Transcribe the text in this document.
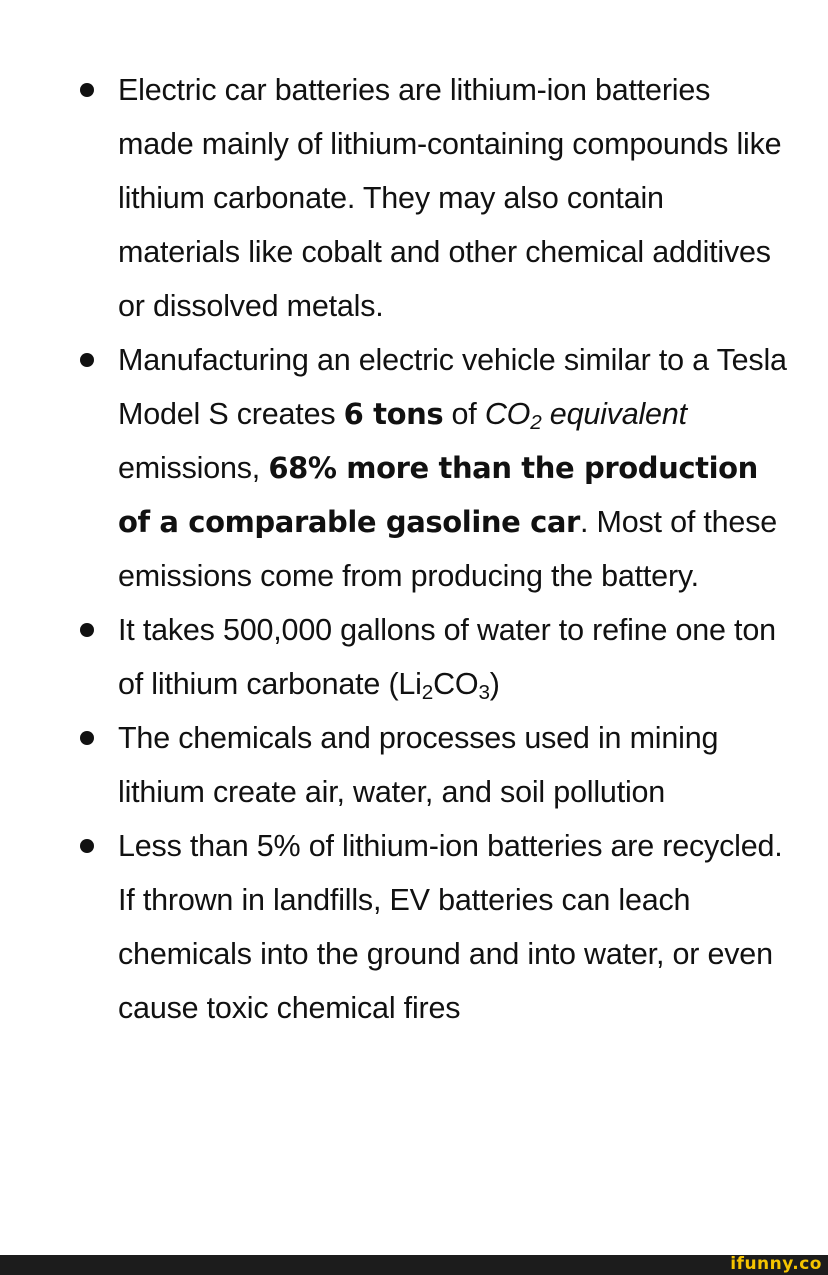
Electric car batteries are lithium-ion batteries made mainly of lithium-containing compounds like lithium carbonate. They may also contain materials like cobalt and other chemical additives or dissolved metals.
Manufacturing an electric vehicle similar to a Tesla Model S creates 6 tons of $CO_2$ equivalent emissions, 68% more than the production of a comparable gasoline car. Most of these emissions come from producing the battery.
It takes 500,000 gallons of water to refine one ton of lithium carbonate $(Li_2CO_3)$
The chemicals and processes used in mining lithium create air, water, and soil pollution
Less than 5% of lithium-ion batteries are recycled. If thrown in landfills, EV batteries can leach chemicals into the ground and into water, or even cause toxic chemical fires
ifunny.co
